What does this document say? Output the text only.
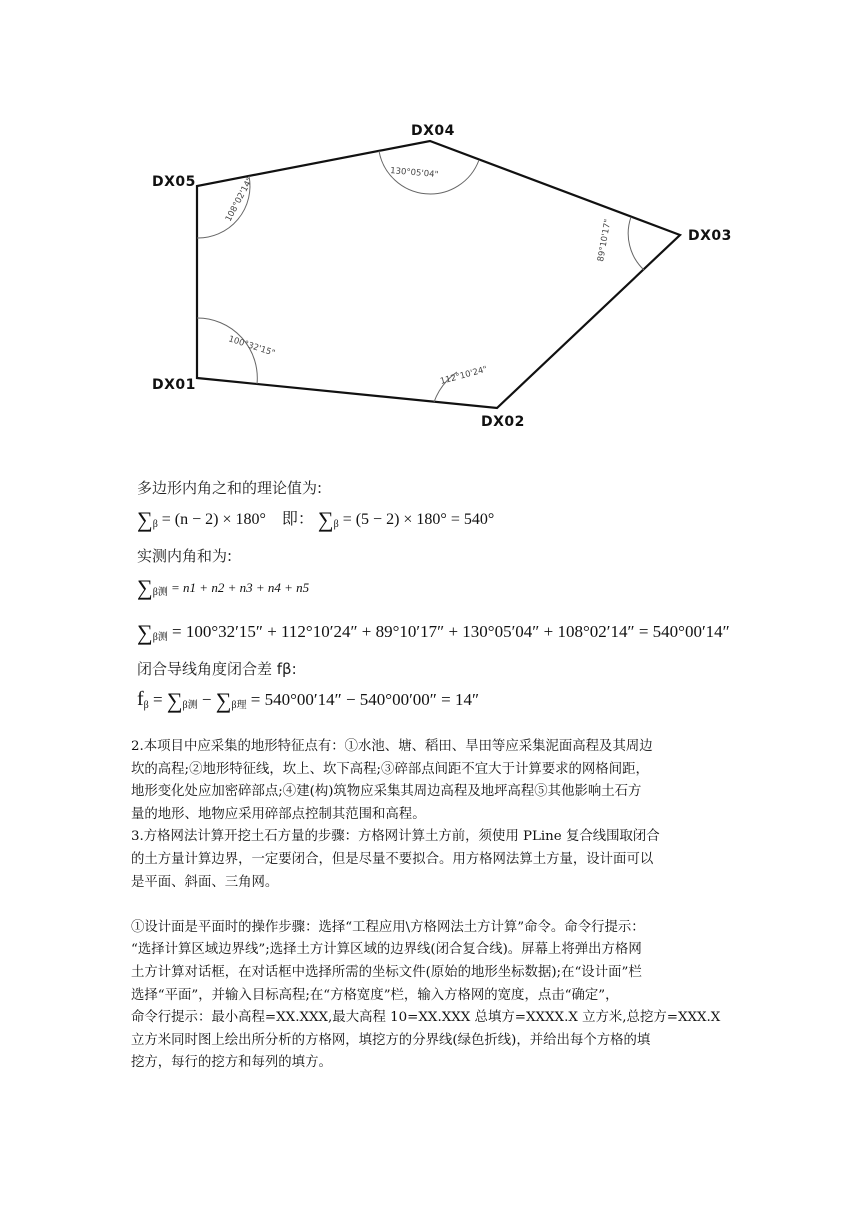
DX01
DX02
DX03
DX04
DX05
100°32'15"
112°10'24"
89°10'17"
130°05'04"
108°02'14"
多边形内角之和的理论值为:
$\sum_\beta = (n - 2) \times 180^\circ$ 即： $\sum_\beta = (5 - 2) \times 180^\circ = 540^\circ$
实测内角和为:
$\sum_{\beta 测} = n1 + n2 + n3 + n4 + n5$
$\sum_{\beta 测} = 100^\circ 32'15'' + 112^\circ 10'24'' + 89^\circ 10'17'' + 130^\circ 05'04'' + 108^\circ 02'14'' = 540^\circ 00'14''$
闭合导线角度闭合差 fβ:
$f_\beta = \sum_{\beta 测} - \sum_{\beta 理} = 540^\circ 00'14'' - 540^\circ 00'00'' = 14''$

2.本项目中应采集的地形特征点有：①水池、塘、稻田、旱田等应采集泥面高程及其周边

坎的高程;②地形特征线，坎上、坎下高程;③碎部点间距不宜大于计算要求的网格间距，

地形变化处应加密碎部点;④建(构)筑物应采集其周边高程及地坪高程⑤其他影响土石方

量的地形、地物应采用碎部点控制其范围和高程。

3.方格网法计算开挖土石方量的步骤：方格网计算土方前，须使用 PLine 复合线围取闭合

的土方量计算边界，一定要闭合，但是尽量不要拟合。用方格网法算土方量，设计面可以

是平面、斜面、三角网。

①设计面是平面时的操作步骤：选择“工程应用\方格网法土方计算”命令。命令行提示：

“选择计算区域边界线”;选择土方计算区域的边界线(闭合复合线)。屏幕上将弹出方格网

土方计算对话框，在对话框中选择所需的坐标文件(原始的地形坐标数据);在“设计面”栏

选择“平面”，并输入目标高程;在“方格宽度”栏，输入方格网的宽度，点击“确定”，

命令行提示：最小高程=XX.XXX,最大高程 10=XX.XXX 总填方=XXXX.X 立方米,总挖方=XXX.X

立方米同时图上绘出所分析的方格网，填挖方的分界线(绿色折线)，并给出每个方格的填

挖方，每行的挖方和每列的填方。
